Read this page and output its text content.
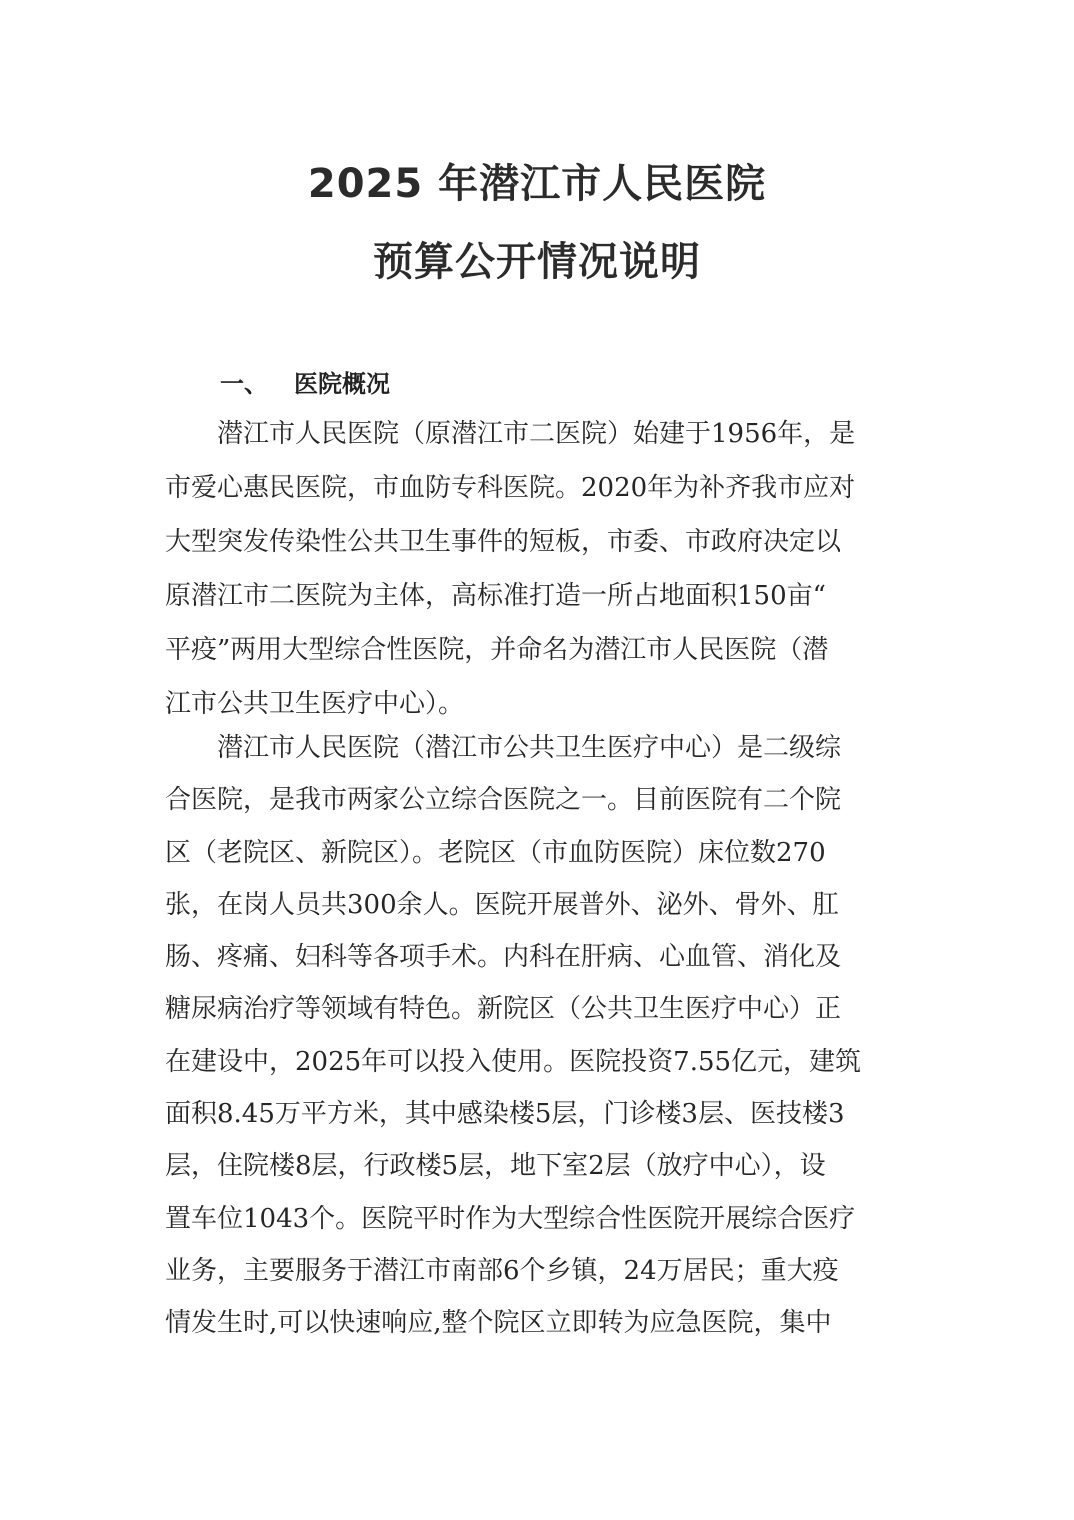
2025 年潜江市人民医院
预算公开情况说明
一、 医院概况
　　潜江市人民医院（原潜江市二医院）始建于1956年，是
市爱心惠民医院，市血防专科医院。2020年为补齐我市应对
大型突发传染性公共卫生事件的短板，市委、市政府决定以
原潜江市二医院为主体，高标准打造一所占地面积150亩“
平疫”两用大型综合性医院，并命名为潜江市人民医院（潜
江市公共卫生医疗中心）。
　　潜江市人民医院（潜江市公共卫生医疗中心）是二级综
合医院，是我市两家公立综合医院之一。目前医院有二个院
区（老院区、新院区）。老院区（市血防医院）床位数270
张，在岗人员共300余人。医院开展普外、泌外、骨外、肛
肠、疼痛、妇科等各项手术。内科在肝病、心血管、消化及
糖尿病治疗等领域有特色。新院区（公共卫生医疗中心）正
在建设中，2025年可以投入使用。医院投资7.55亿元，建筑
面积8.45万平方米，其中感染楼5层，门诊楼3层、医技楼3
层，住院楼8层，行政楼5层，地下室2层（放疗中心），设
置车位1043个。医院平时作为大型综合性医院开展综合医疗
业务，主要服务于潜江市南部6个乡镇，24万居民；重大疫
情发生时,可以快速响应,整个院区立即转为应急医院，集中
